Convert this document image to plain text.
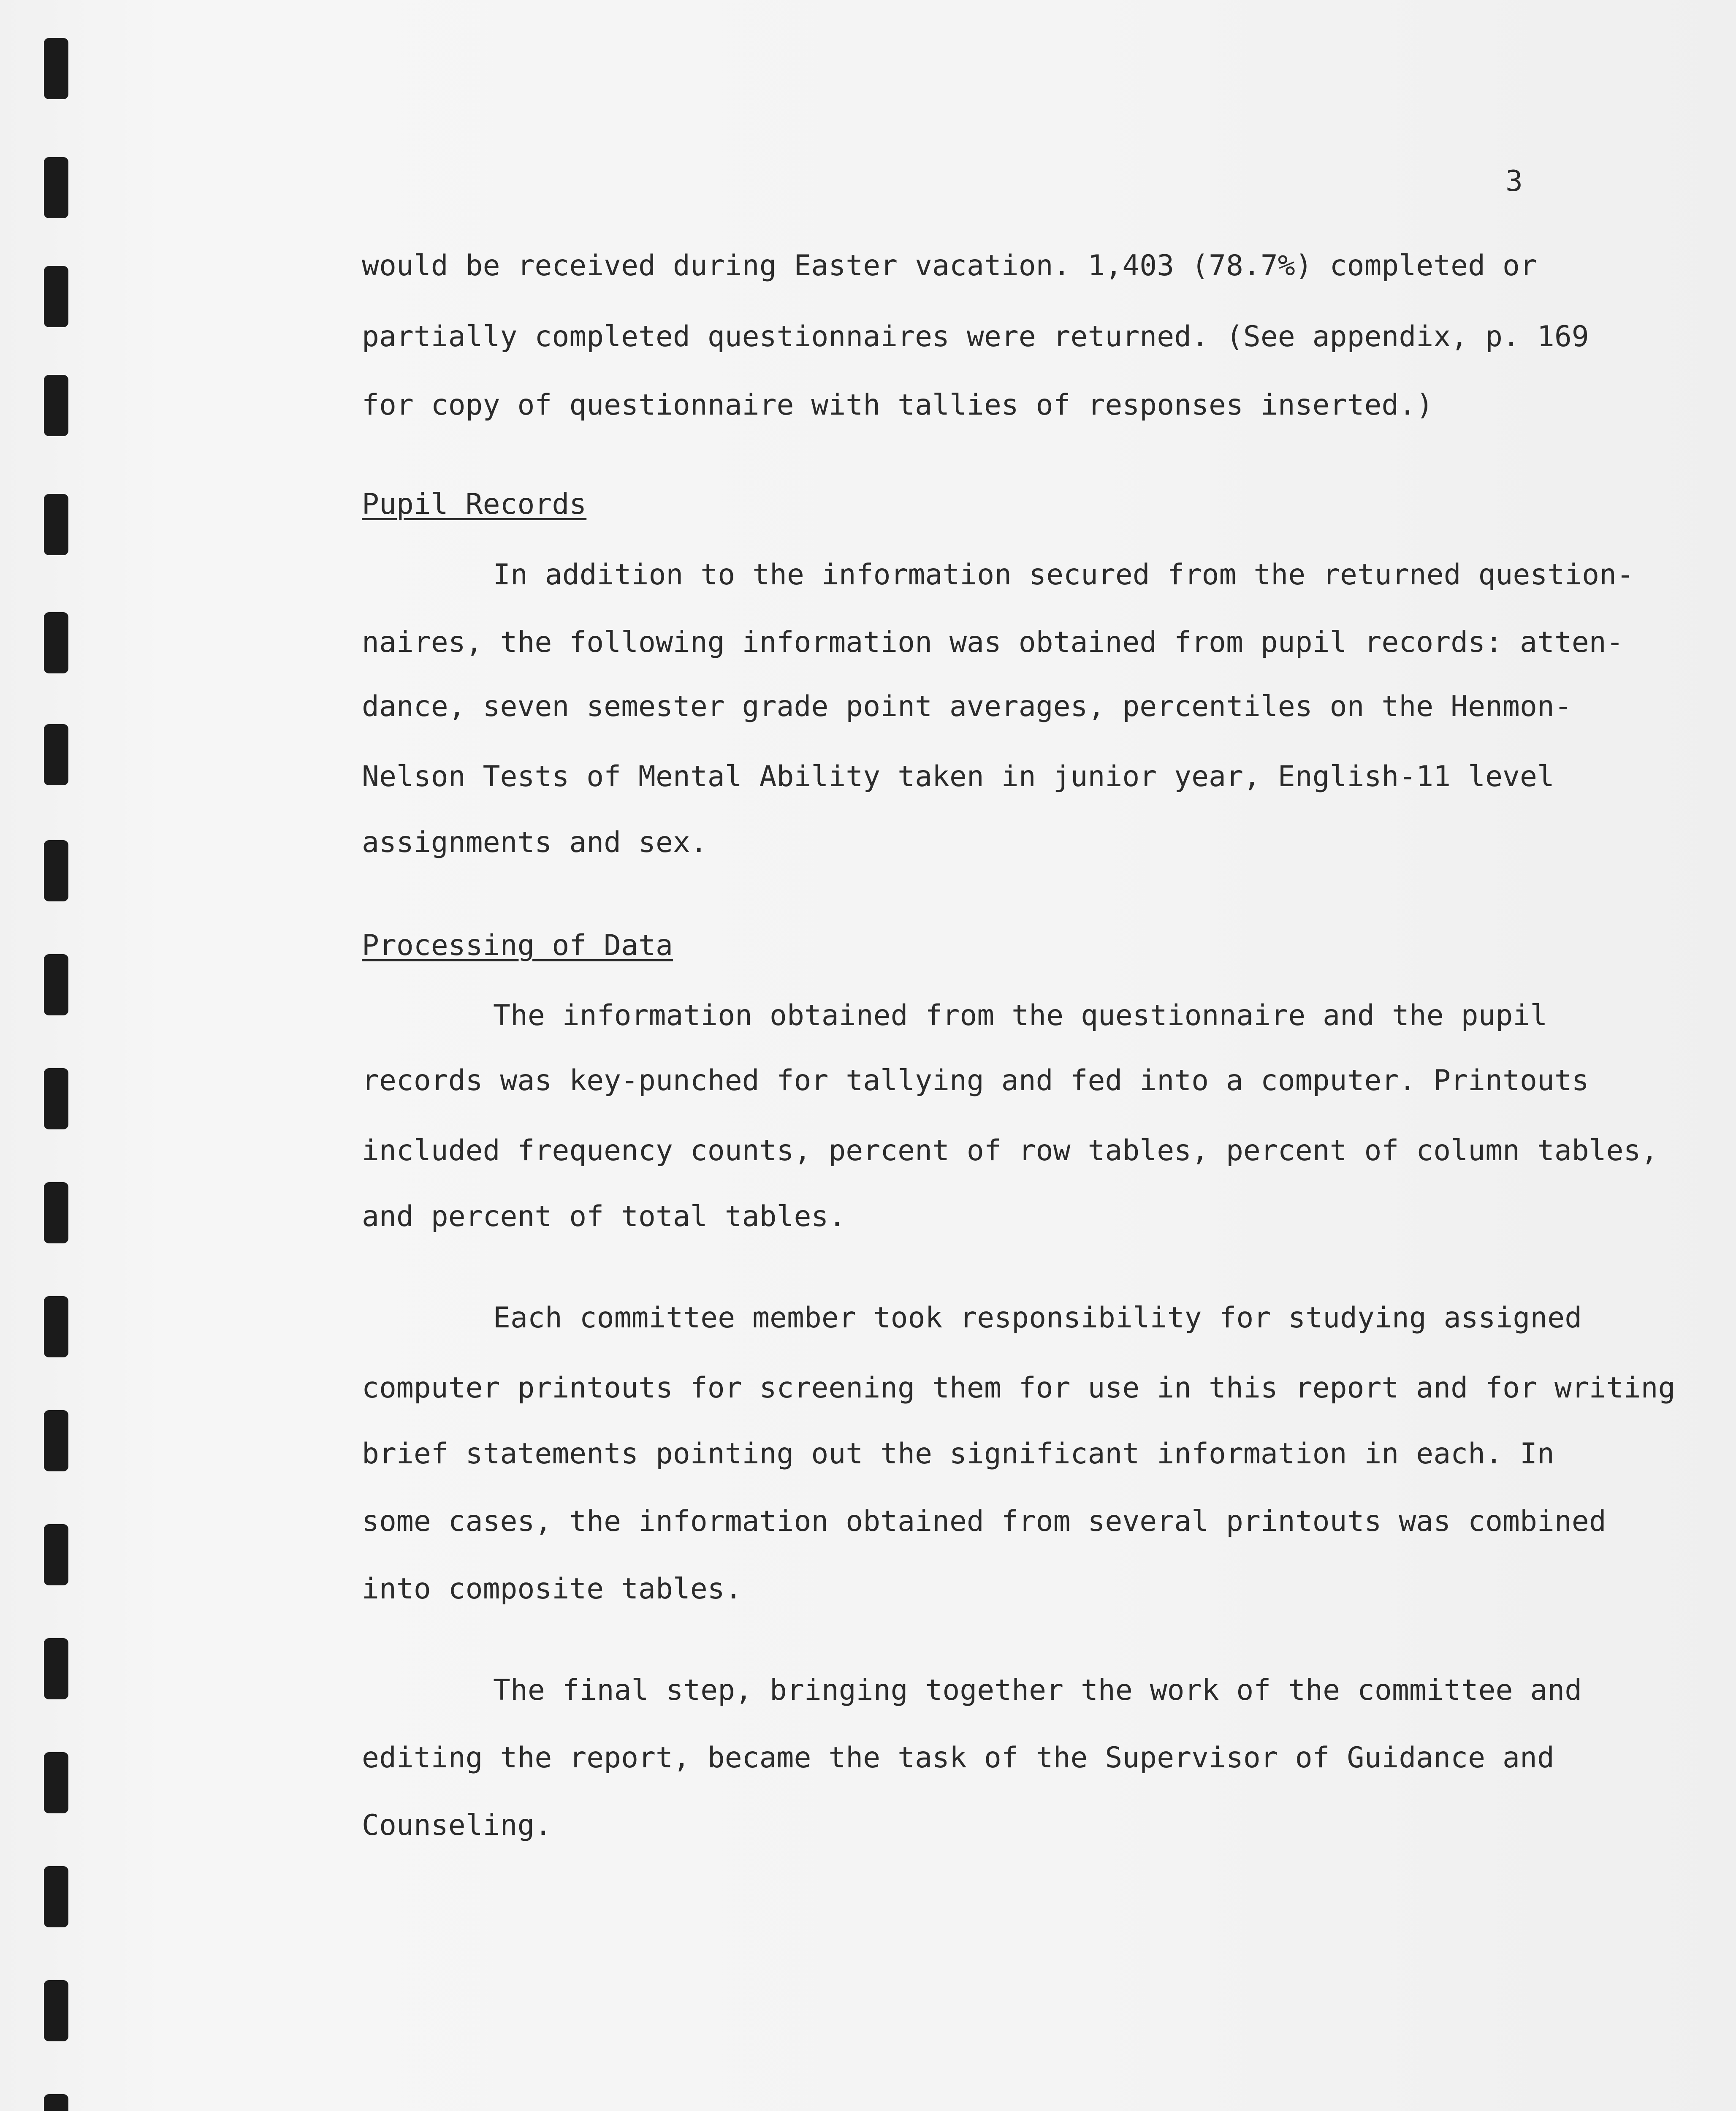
3
would be received during Easter vacation. 1,403 (78.7%) completed or
partially completed questionnaires were returned. (See appendix, p. 169
for copy of questionnaire with tallies of responses inserted.)
Pupil Records
In addition to the information secured from the returned question-
naires, the following information was obtained from pupil records: atten-
dance, seven semester grade point averages, percentiles on the Henmon-
Nelson Tests of Mental Ability taken in junior year, English-11 level
assignments and sex.
Processing of Data
The information obtained from the questionnaire and the pupil
records was key-punched for tallying and fed into a computer. Printouts
included frequency counts, percent of row tables, percent of column tables,
and percent of total tables.
Each committee member took responsibility for studying assigned
computer printouts for screening them for use in this report and for writing
brief statements pointing out the significant information in each. In
some cases, the information obtained from several printouts was combined
into composite tables.
The final step, bringing together the work of the committee and
editing the report, became the task of the Supervisor of Guidance and
Counseling.
